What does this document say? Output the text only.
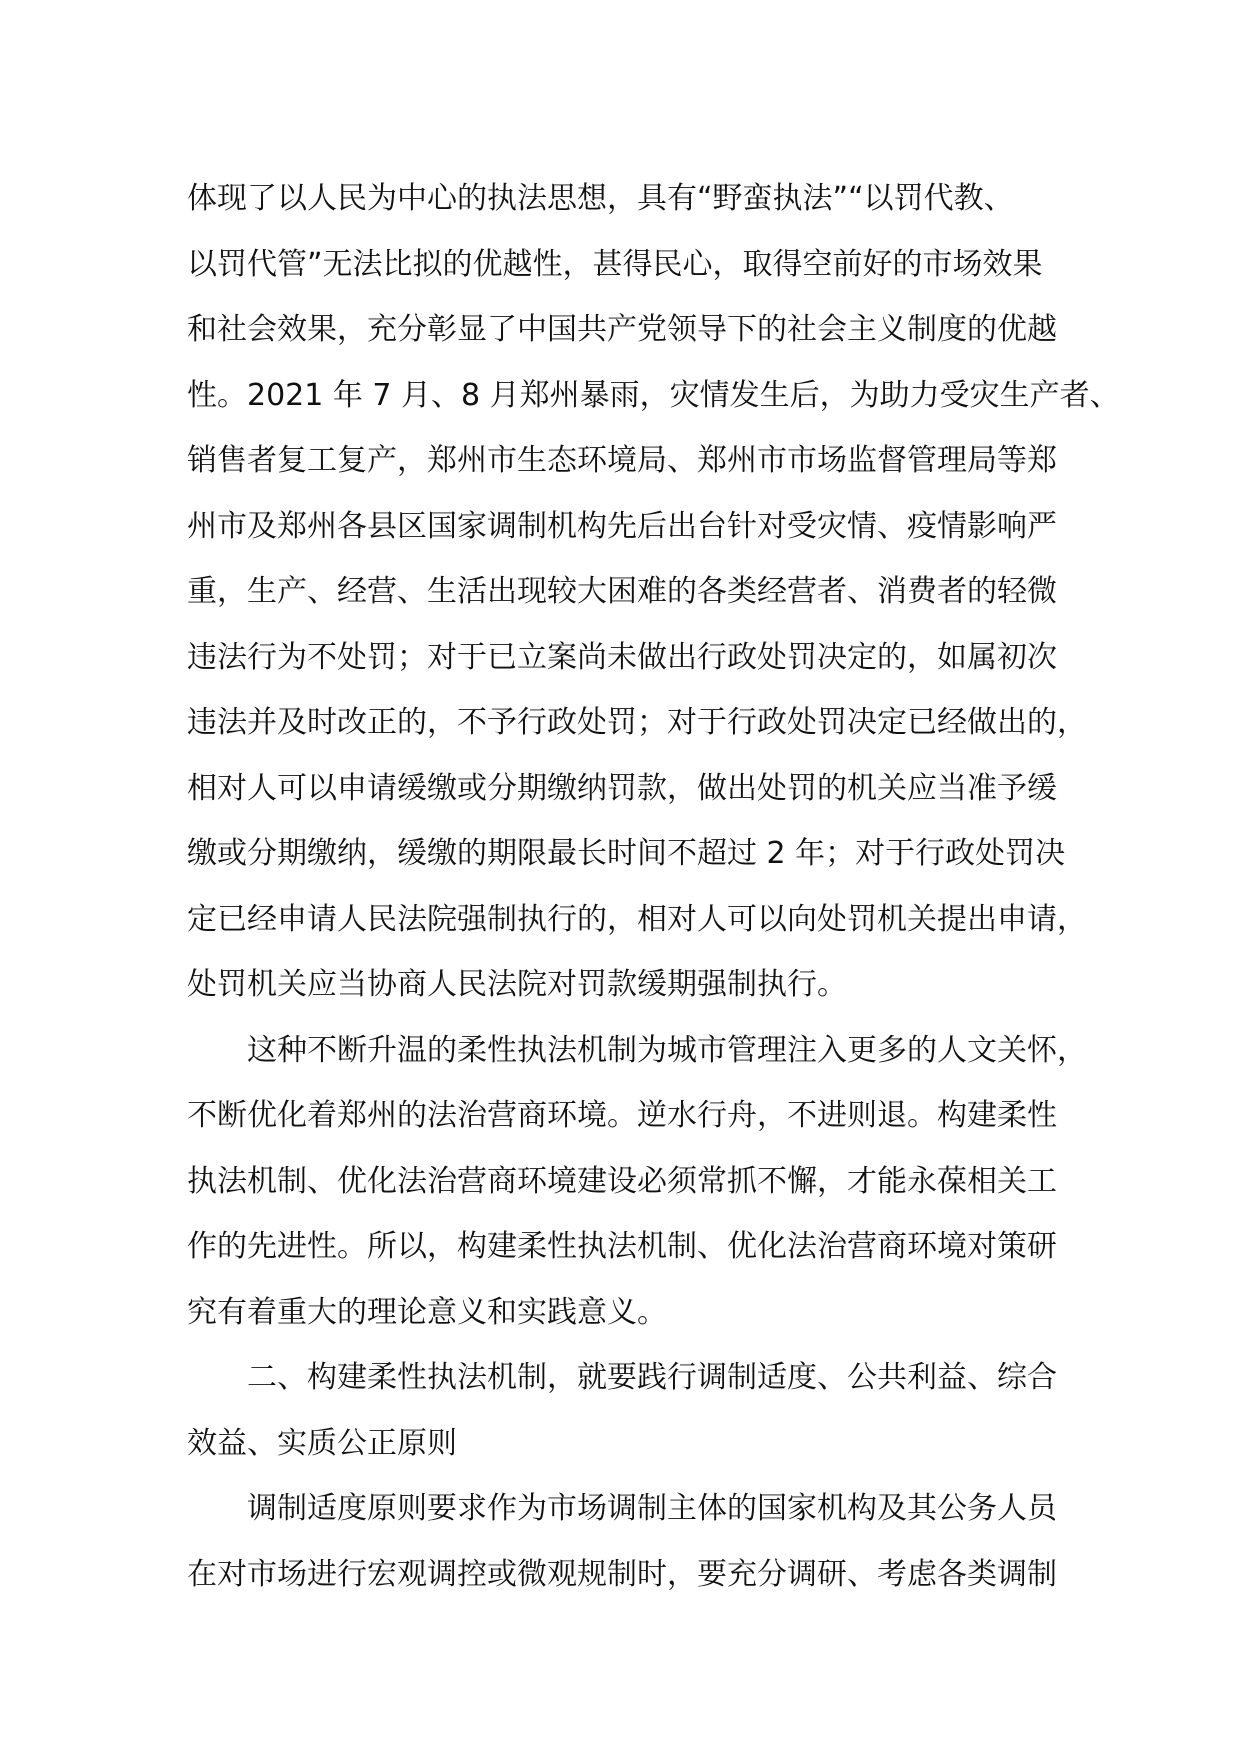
体现了以人民为中心的执法思想，具有“野蛮执法”“以罚代教、
以罚代管”无法比拟的优越性，甚得民心，取得空前好的市场效果
和社会效果，充分彰显了中国共产党领导下的社会主义制度的优越
性。2021 年 7 月、8 月郑州暴雨，灾情发生后，为助力受灾生产者、
销售者复工复产，郑州市生态环境局、郑州市市场监督管理局等郑
州市及郑州各县区国家调制机构先后出台针对受灾情、疫情影响严
重，生产、经营、生活出现较大困难的各类经营者、消费者的轻微
违法行为不处罚；对于已立案尚未做出行政处罚决定的，如属初次
违法并及时改正的，不予行政处罚；对于行政处罚决定已经做出的，
相对人可以申请缓缴或分期缴纳罚款，做出处罚的机关应当准予缓
缴或分期缴纳，缓缴的期限最长时间不超过 2 年；对于行政处罚决
定已经申请人民法院强制执行的，相对人可以向处罚机关提出申请，
处罚机关应当协商人民法院对罚款缓期强制执行。
这种不断升温的柔性执法机制为城市管理注入更多的人文关怀，
不断优化着郑州的法治营商环境。逆水行舟，不进则退。构建柔性
执法机制、优化法治营商环境建设必须常抓不懈，才能永葆相关工
作的先进性。所以，构建柔性执法机制、优化法治营商环境对策研
究有着重大的理论意义和实践意义。
二、构建柔性执法机制，就要践行调制适度、公共利益、综合
效益、实质公正原则
调制适度原则要求作为市场调制主体的国家机构及其公务人员
在对市场进行宏观调控或微观规制时，要充分调研、考虑各类调制
